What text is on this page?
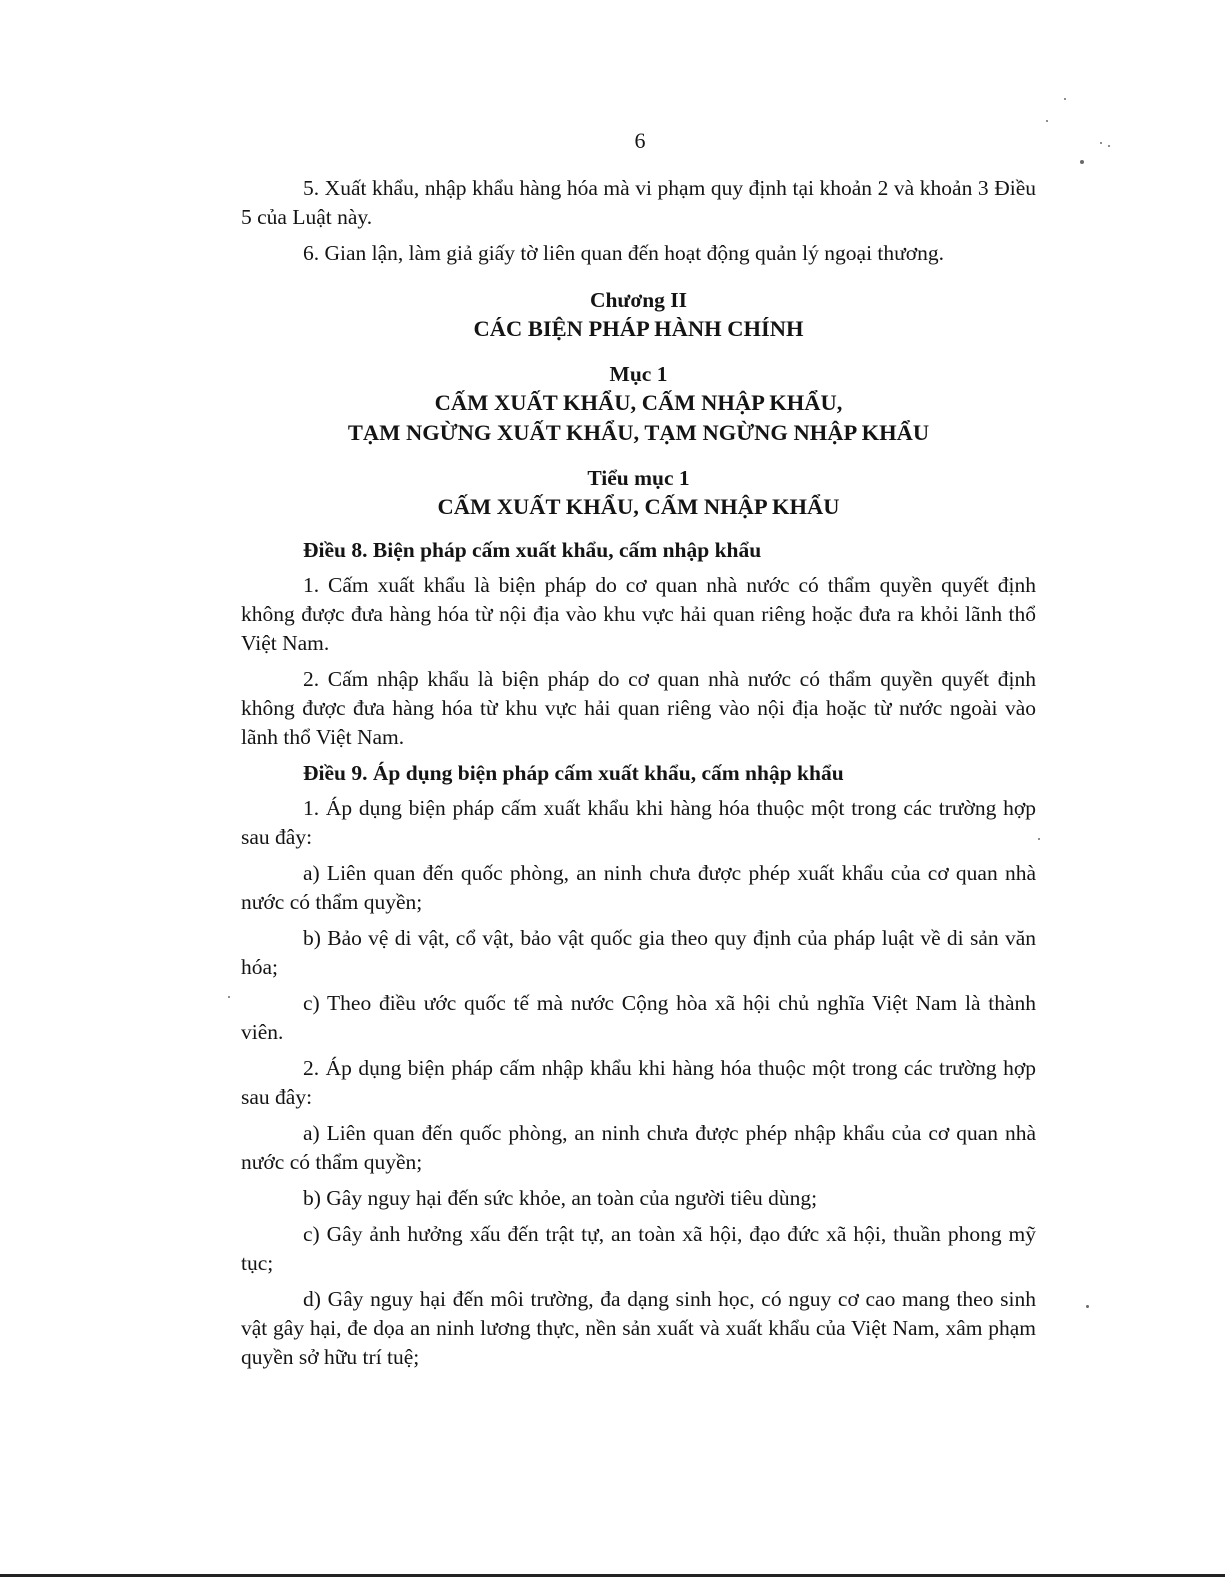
6

5. Xuất khẩu, nhập khẩu hàng hóa mà vi phạm quy định tại khoản 2 và khoản 3 Điều 5 của Luật này.

6. Gian lận, làm giả giấy tờ liên quan đến hoạt động quản lý ngoại thương.

Chương II
CÁC BIỆN PHÁP HÀNH CHÍNH
Mục 1
CẤM XUẤT KHẨU, CẤM NHẬP KHẨU,
TẠM NGỪNG XUẤT KHẨU, TẠM NGỪNG NHẬP KHẨU
Tiểu mục 1
CẤM XUẤT KHẨU, CẤM NHẬP KHẨU
Điều 8. Biện pháp cấm xuất khẩu, cấm nhập khẩu

1. Cấm xuất khẩu là biện pháp do cơ quan nhà nước có thẩm quyền quyết định không được đưa hàng hóa từ nội địa vào khu vực hải quan riêng hoặc đưa ra khỏi lãnh thổ Việt Nam.

2. Cấm nhập khẩu là biện pháp do cơ quan nhà nước có thẩm quyền quyết định không được đưa hàng hóa từ khu vực hải quan riêng vào nội địa hoặc từ nước ngoài vào lãnh thổ Việt Nam.

Điều 9. Áp dụng biện pháp cấm xuất khẩu, cấm nhập khẩu

1. Áp dụng biện pháp cấm xuất khẩu khi hàng hóa thuộc một trong các trường hợp sau đây:

a) Liên quan đến quốc phòng, an ninh chưa được phép xuất khẩu của cơ quan nhà nước có thẩm quyền;

b) Bảo vệ di vật, cổ vật, bảo vật quốc gia theo quy định của pháp luật về di sản văn hóa;

c) Theo điều ước quốc tế mà nước Cộng hòa xã hội chủ nghĩa Việt Nam là thành viên.

2. Áp dụng biện pháp cấm nhập khẩu khi hàng hóa thuộc một trong các trường hợp sau đây:

a) Liên quan đến quốc phòng, an ninh chưa được phép nhập khẩu của cơ quan nhà nước có thẩm quyền;

b) Gây nguy hại đến sức khỏe, an toàn của người tiêu dùng;

c) Gây ảnh hưởng xấu đến trật tự, an toàn xã hội, đạo đức xã hội, thuần phong mỹ tục;

d) Gây nguy hại đến môi trường, đa dạng sinh học, có nguy cơ cao mang theo sinh vật gây hại, đe dọa an ninh lương thực, nền sản xuất và xuất khẩu của Việt Nam, xâm phạm quyền sở hữu trí tuệ;
